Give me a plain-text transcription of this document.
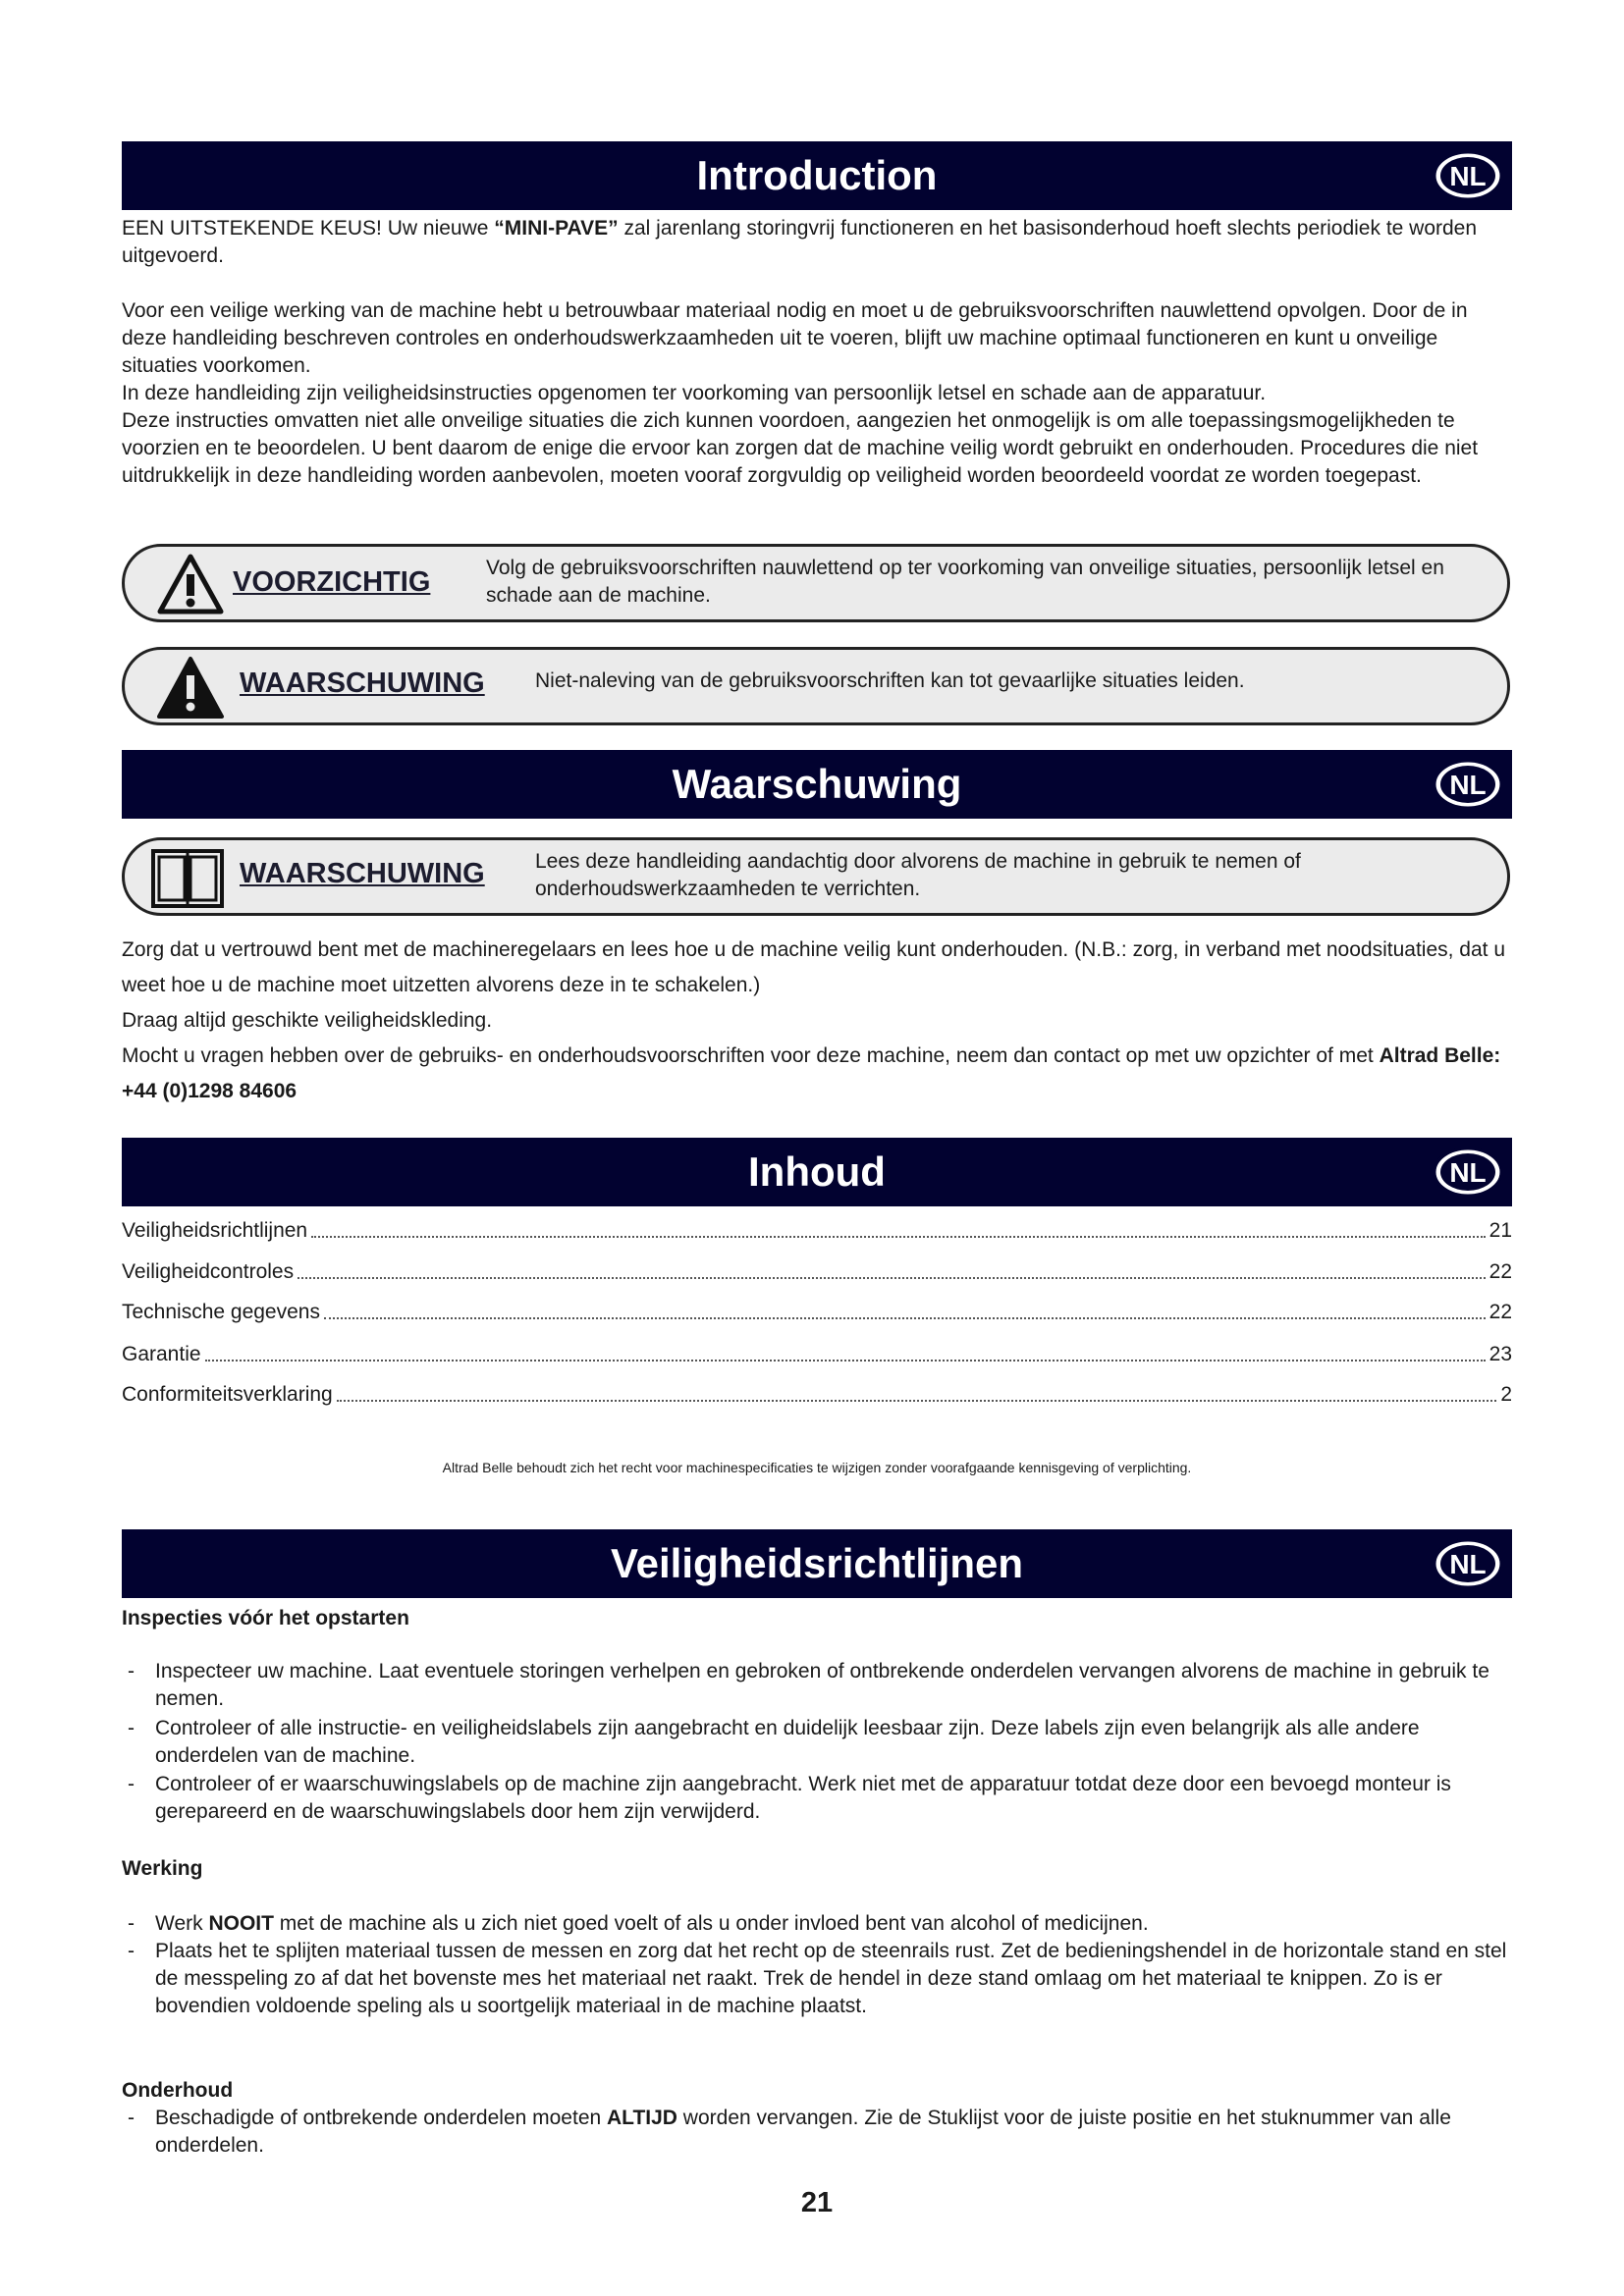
Introduction	NL

EEN UITSTEKENDE KEUS! Uw nieuwe “MINI-PAVE” zal jarenlang storingvrij functioneren en het basisonderhoud hoeft slechts periodiek te worden uitgevoerd.

Voor een veilige werking van de machine hebt u betrouwbaar materiaal nodig en moet u de gebruiksvoorschriften nauwlettend opvolgen. Door de in deze handleiding beschreven controles en onderhoudswerkzaamheden uit te voeren, blijft uw machine optimaal functioneren en kunt u onveilige situaties voorkomen.

In deze handleiding zijn veiligheidsinstructies opgenomen ter voorkoming van persoonlijk letsel en schade aan de apparatuur.

Deze instructies omvatten niet alle onveilige situaties die zich kunnen voordoen, aangezien het onmogelijk is om alle toepassingsmogelijkheden te voorzien en te beoordelen. U bent daarom de enige die ervoor kan zorgen dat de machine veilig wordt gebruikt en onderhouden. Procedures die niet uitdrukkelijk in deze handleiding worden aanbevolen, moeten vooraf zorgvuldig op veiligheid worden beoordeeld voordat ze worden toegepast.

VOORZICHTIG	Volg de gebruiksvoorschriften nauwlettend op ter voorkoming van onveilige situaties, persoonlijk letsel en schade aan de machine.
WAARSCHUWING Niet-naleving van de gebruiksvoorschriften kan tot gevaarlijke situaties leiden.
Waarschuwing	NL
WAARSCHUWING Lees deze handleiding aandachtig door alvorens de machine in gebruik te nemen of onderhoudswerkzaamheden te verrichten.

Zorg dat u vertrouwd bent met de machineregelaars en lees hoe u de machine veilig kunt onderhouden. (N.B.: zorg, in verband met noodsituaties, dat u weet hoe u de machine moet uitzetten alvorens deze in te schakelen.)

Draag altijd geschikte veiligheidskleding.

Mocht u vragen hebben over de gebruiks- en onderhoudsvoorschriften voor deze machine, neem dan contact op met uw opzichter of met Altrad Belle: +44 (0)1298 84606

Inhoud	NL
Veiligheidsrichtlijnen	21
Veiligheidcontroles	22
Technische gegevens	22
Garantie	23
Conformiteitsverklaring	2
Altrad Belle behoudt zich het recht voor machinespecificaties te wijzigen zonder voorafgaande kennisgeving of verplichting.
Veiligheidsrichtlijnen	NL
Inspecties vóór het opstarten
-	Inspecteer uw machine. Laat eventuele storingen verhelpen en gebroken of ontbrekende onderdelen vervangen alvorens de machine in gebruik te nemen.
-	Controleer of alle instructie- en veiligheidslabels zijn aangebracht en duidelijk leesbaar zijn. Deze labels zijn even belangrijk als alle andere onderdelen van de machine.
-	Controleer of er waarschuwingslabels op de machine zijn aangebracht. Werk niet met de apparatuur totdat deze door een bevoegd monteur is gerepareerd en de waarschuwingslabels door hem zijn verwijderd.
Werking
-	Werk NOOIT met de machine als u zich niet goed voelt of als u onder invloed bent van alcohol of medicijnen.
-	Plaats het te splijten materiaal tussen de messen en zorg dat het recht op de steenrails rust. Zet de bedieningshendel in de horizontale stand en stel de messpeling zo af dat het bovenste mes het materiaal net raakt. Trek de hendel in deze stand omlaag om het materiaal te knippen. Zo is er bovendien voldoende speling als u soortgelijk materiaal in de machine plaatst.
Onderhoud
-	Beschadigde of ontbrekende onderdelen moeten ALTIJD worden vervangen. Zie de Stuklijst voor de juiste positie en het stuknummer van alle onderdelen.
21
